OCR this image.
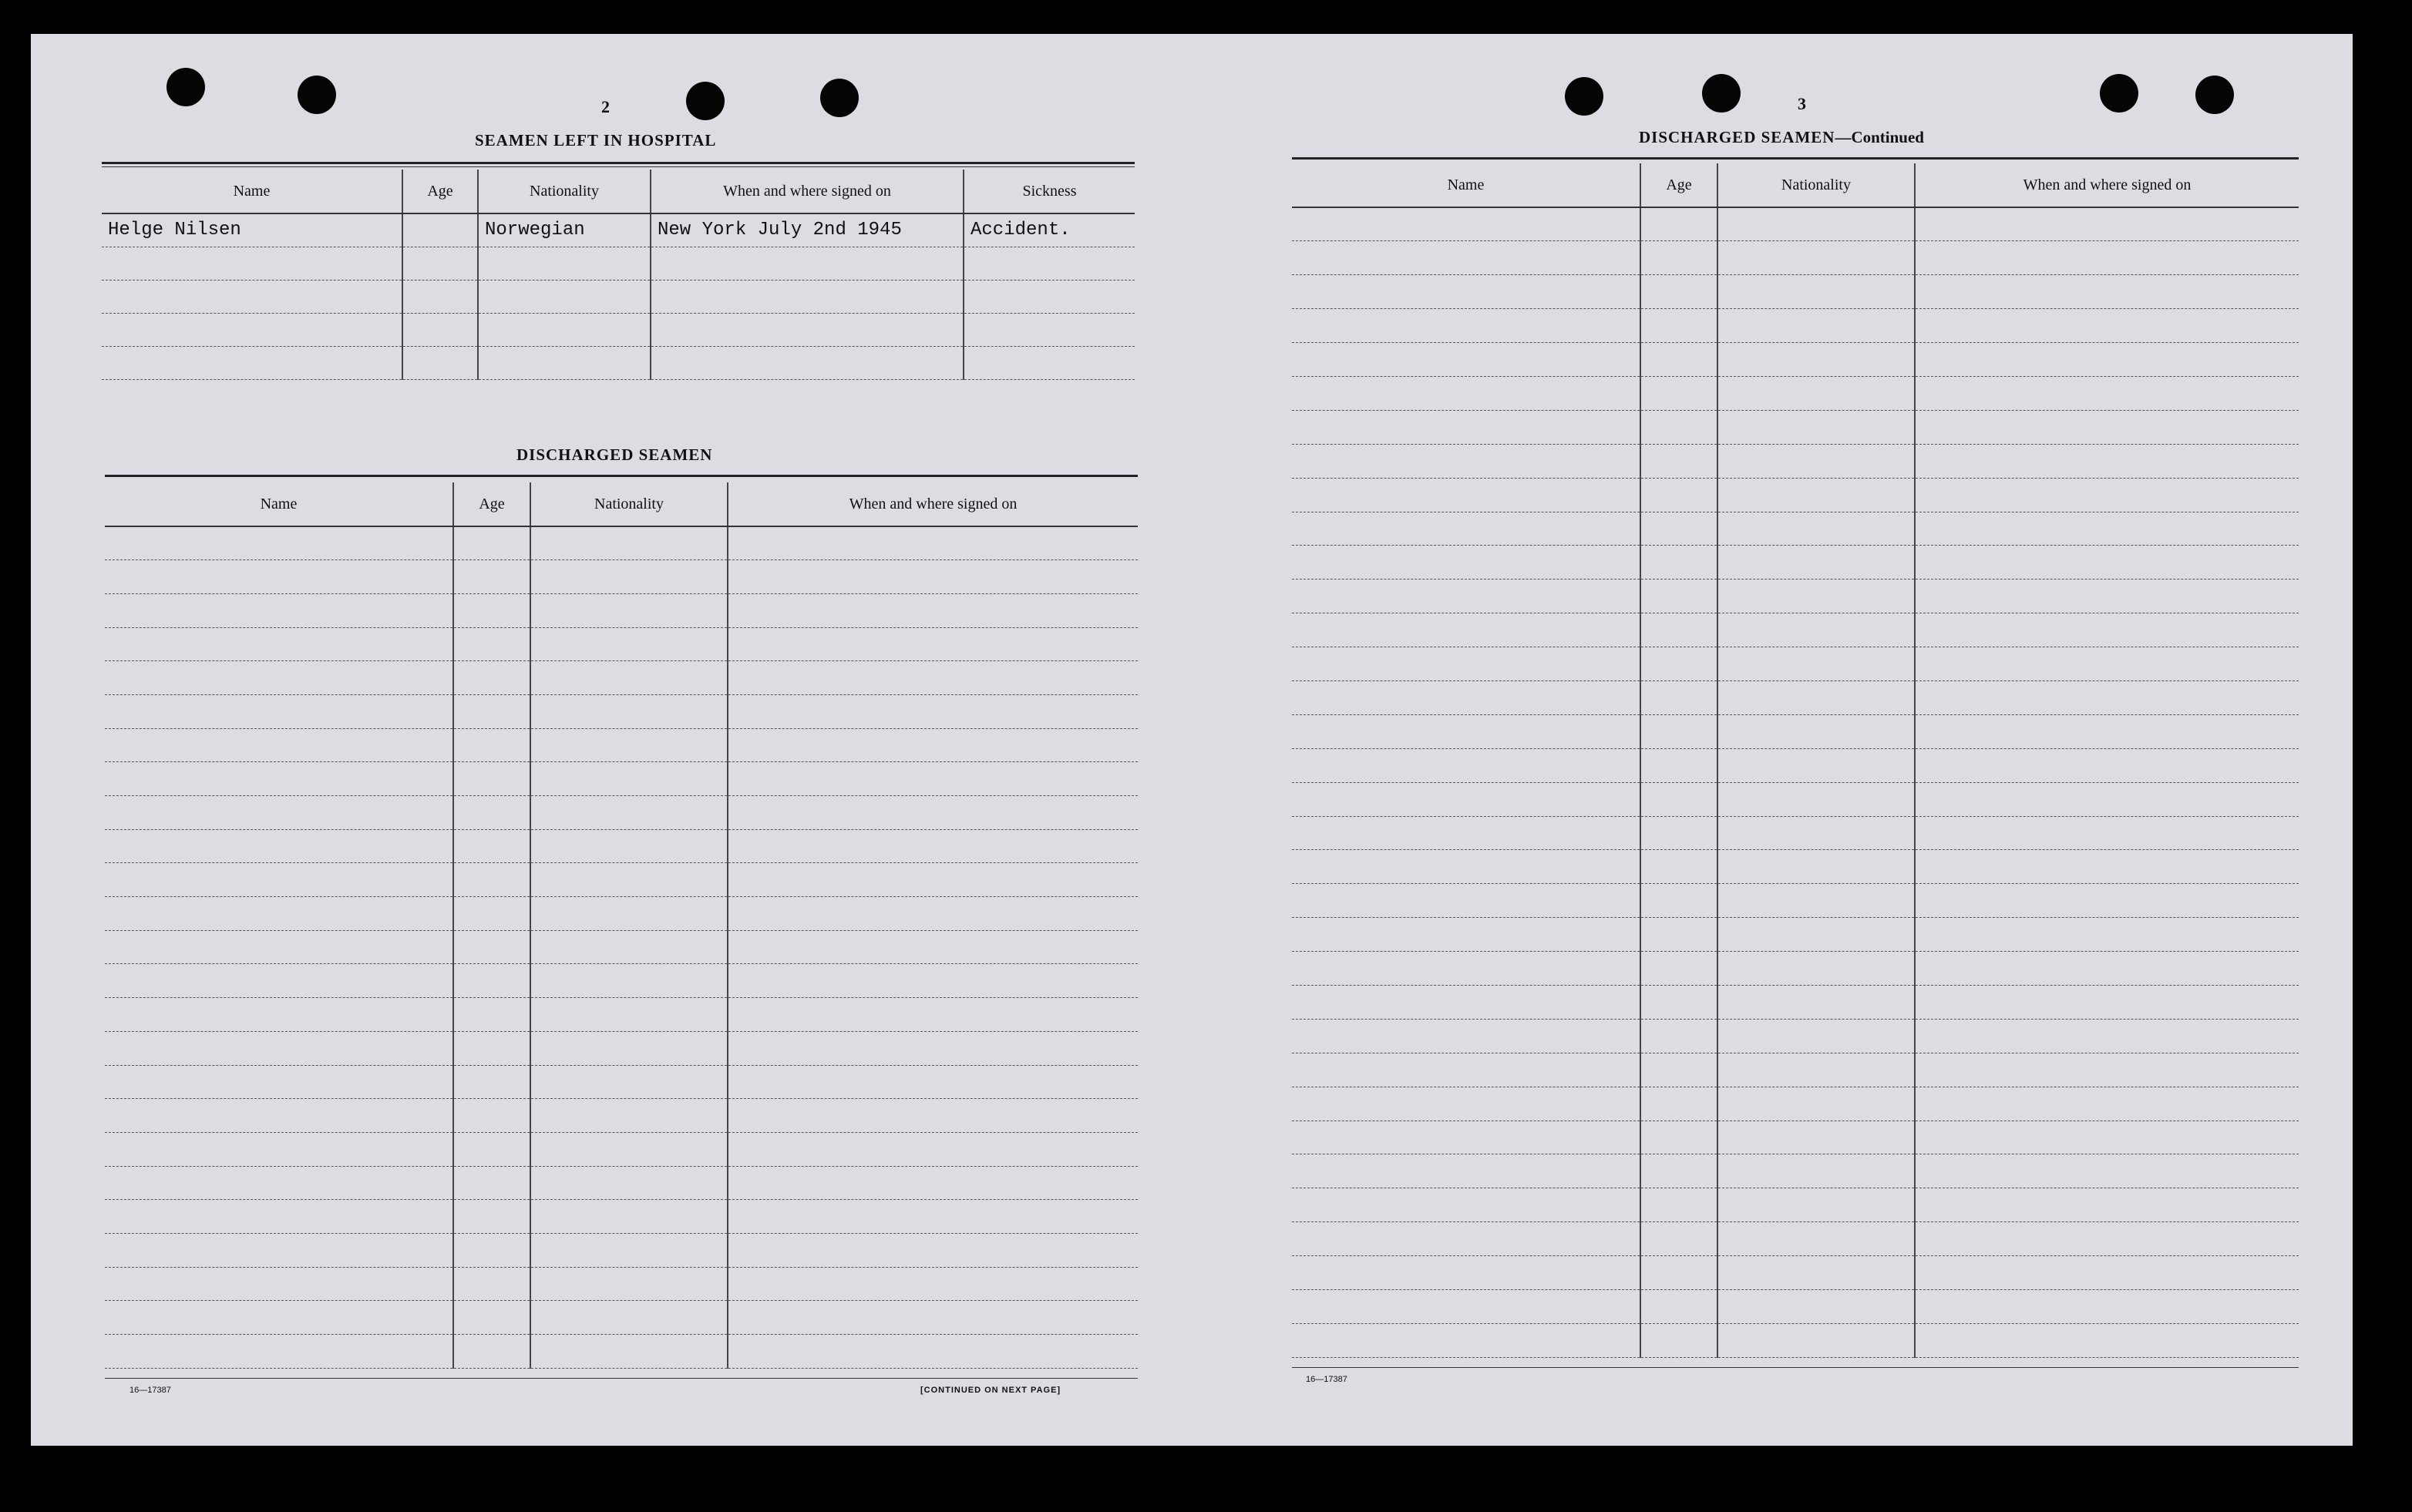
2
SEAMEN LEFT IN HOSPITAL
Name	Age	Nationality	When and where signed on	Sickness
Helge Nilsen		Norwegian	New York July 2nd 1945	Accident.

DISCHARGED SEAMEN
Name	Age	Nationality	When and where signed on

16—17387	[CONTINUED ON NEXT PAGE]
3
DISCHARGED SEAMEN—Continued
Name	Age	Nationality	When and where signed on

16—17387
